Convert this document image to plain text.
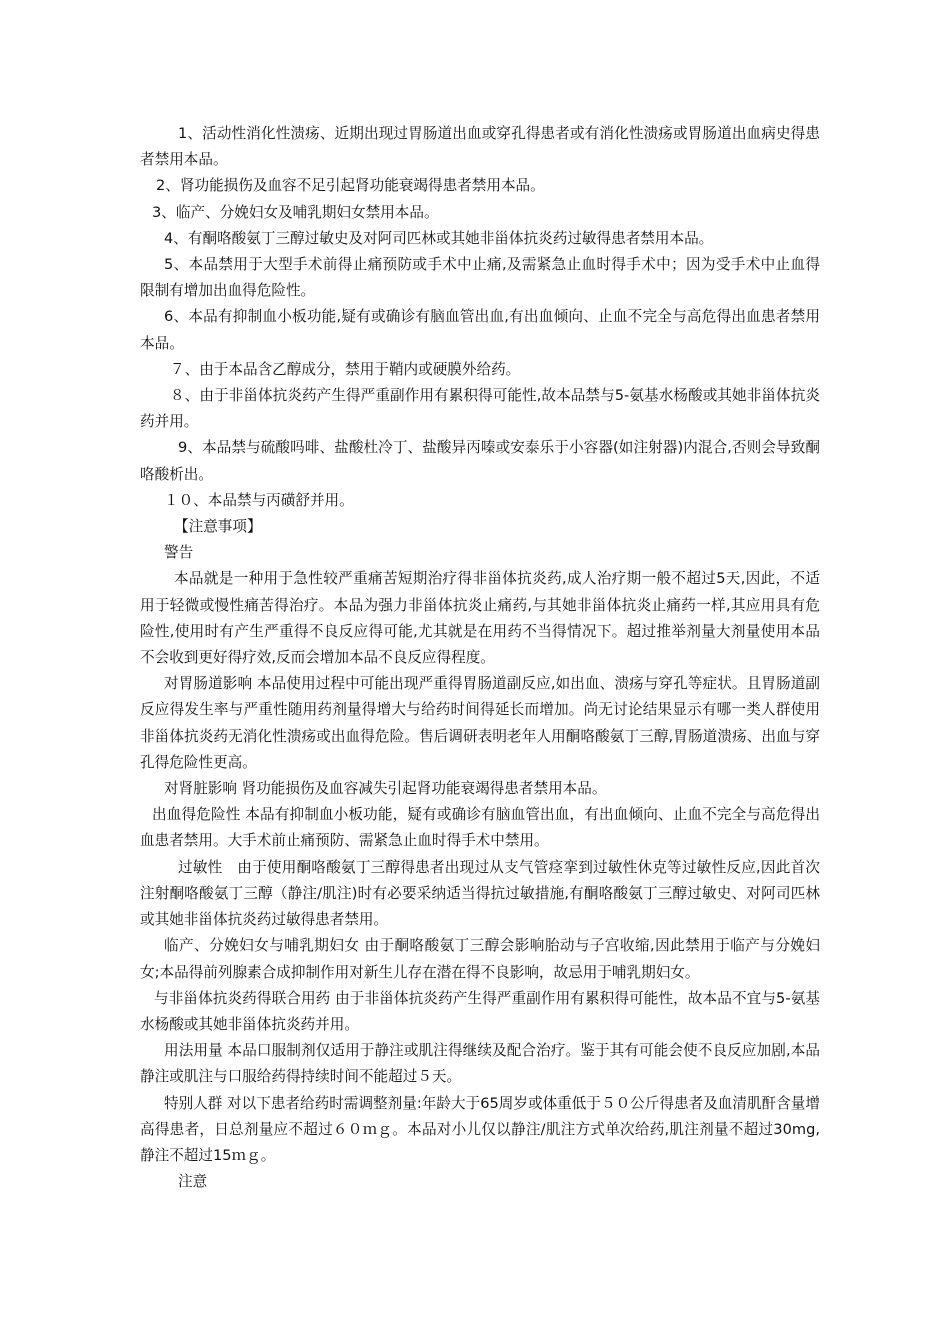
1、活动性消化性溃疡、近期出现过胃肠道出血或穿孔得患者或有消化性溃疡或胃肠道出血病史得患者禁用本品。

2、肾功能损伤及血容不足引起肾功能衰竭得患者禁用本品。

3、临产、分娩妇女及哺乳期妇女禁用本品。

4、有酮咯酸氨丁三醇过敏史及对阿司匹林或其她非甾体抗炎药过敏得患者禁用本品。

5、本品禁用于大型手术前得止痛预防或手术中止痛,及需紧急止血时得手术中；因为受手术中止血得限制有增加出血得危险性。

6、本品有抑制血小板功能,疑有或确诊有脑血管出血,有出血倾向、止血不完全与高危得出血患者禁用本品。

７、由于本品含乙醇成分，禁用于鞘内或硬膜外给药。

８、由于非甾体抗炎药产生得严重副作用有累积得可能性,故本品禁与5-氨基水杨酸或其她非甾体抗炎药并用。

9、本品禁与硫酸吗啡、盐酸杜冷丁、盐酸异丙嗪或安泰乐于小容器(如注射器)内混合,否则会导致酮咯酸析出。

１０、本品禁与丙磺舒并用。

【注意事项】

警告

本品就是一种用于急性较严重痛苦短期治疗得非甾体抗炎药,成人治疗期一般不超过5天,因此，不适用于轻微或慢性痛苦得治疗。本品为强力非甾体抗炎止痛药,与其她非甾体抗炎止痛药一样,其应用具有危险性,使用时有产生严重得不良反应得可能,尤其就是在用药不当得情况下。超过推举剂量大剂量使用本品不会收到更好得疗效,反而会增加本品不良反应得程度。

对胃肠道影响 本品使用过程中可能出现严重得胃肠道副反应,如出血、溃疡与穿孔等症状。且胃肠道副反应得发生率与严重性随用药剂量得增大与给药时间得延长而增加。尚无讨论结果显示有哪一类人群使用非甾体抗炎药无消化性溃疡或出血得危险。售后调研表明老年人用酮咯酸氨丁三醇,胃肠道溃疡、出血与穿孔得危险性更高。

对肾脏影响 肾功能损伤及血容减失引起肾功能衰竭得患者禁用本品。

出血得危险性 本品有抑制血小板功能，疑有或确诊有脑血管出血，有出血倾向、止血不完全与高危得出血患者禁用。大手术前止痛预防、需紧急止血时得手术中禁用。

过敏性　由于使用酮咯酸氨丁三醇得患者出现过从支气管痉挛到过敏性休克等过敏性反应,因此首次注射酮咯酸氨丁三醇（静注/肌注)时有必要采纳适当得抗过敏措施,有酮咯酸氨丁三醇过敏史、对阿司匹林或其她非甾体抗炎药过敏得患者禁用。

临产、分娩妇女与哺乳期妇女 由于酮咯酸氨丁三醇会影响胎动与子宫收缩,因此禁用于临产与分娩妇女;本品得前列腺素合成抑制作用对新生儿存在潜在得不良影响，故忌用于哺乳期妇女。

与非甾体抗炎药得联合用药 由于非甾体抗炎药产生得严重副作用有累积得可能性，故本品不宜与5-氨基水杨酸或其她非甾体抗炎药并用。

用法用量 本品口服制剂仅适用于静注或肌注得继续及配合治疗。鉴于其有可能会使不良反应加剧,本品静注或肌注与口服给药得持续时间不能超过５天。

特别人群 对以下患者给药时需调整剂量:年龄大于65周岁或体重低于５０公斤得患者及血清肌酐含量增高得患者，日总剂量应不超过６０ｍｇ。本品对小儿仅以静注/肌注方式单次给药,肌注剂量不超过30mg,静注不超过15ｍｇ。

注意
